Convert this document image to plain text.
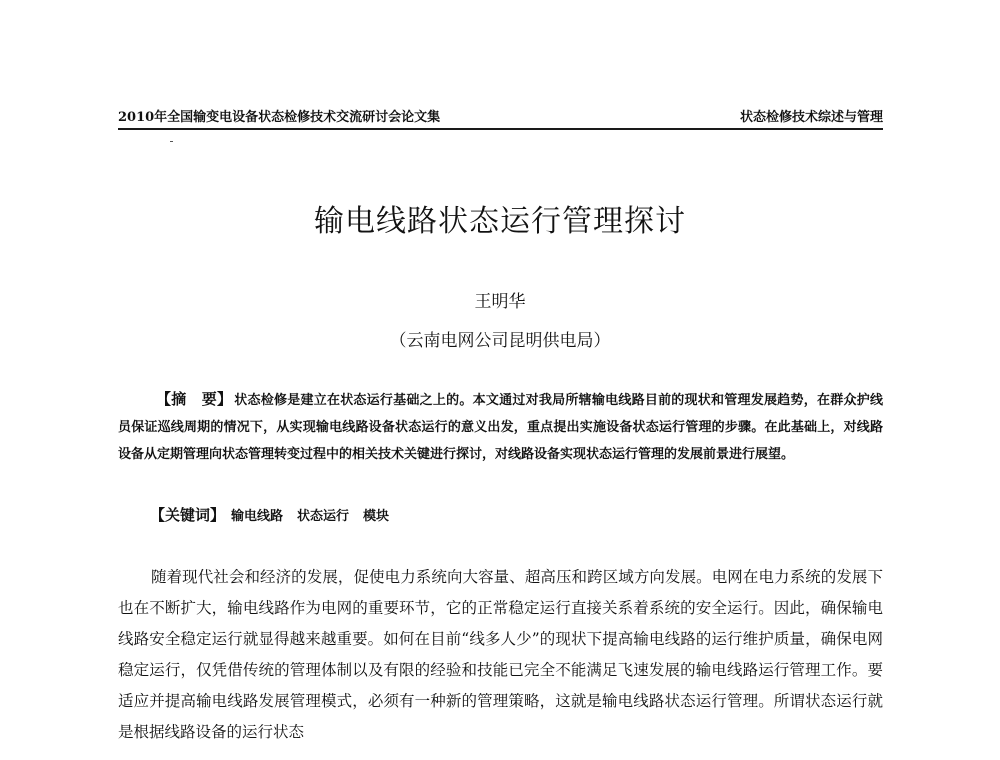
2010年全国输变电设备状态检修技术交流研讨会论文集	状态检修技术综述与管理
输电线路状态运行管理探讨
王明华
（云南电网公司昆明供电局）
【摘　要】 状态检修是建立在状态运行基础之上的。本文通过对我局所辖输电线路目前的现状和管理发展趋势，在群众护线员保证巡线周期的情况下，从实现输电线路设备状态运行的意义出发，重点提出实施设备状态运行管理的步骤。在此基础上，对线路设备从定期管理向状态管理转变过程中的相关技术关键进行探讨，对线路设备实现状态运行管理的发展前景进行展望。
【关键词】 输电线路 状态运行 模块
随着现代社会和经济的发展，促使电力系统向大容量、超高压和跨区域方向发展。电网在电力系统的发展下也在不断扩大，输电线路作为电网的重要环节，它的正常稳定运行直接关系着系统的安全运行。因此，确保输电线路安全稳定运行就显得越来越重要。如何在目前“线多人少”的现状下提高输电线路的运行维护质量，确保电网稳定运行，仅凭借传统的管理体制以及有限的经验和技能已完全不能满足飞速发展的输电线路运行管理工作。要适应并提高输电线路发展管理模式，必须有一种新的管理策略，这就是输电线路状态运行管理。所谓状态运行就是根据线路设备的运行状态
